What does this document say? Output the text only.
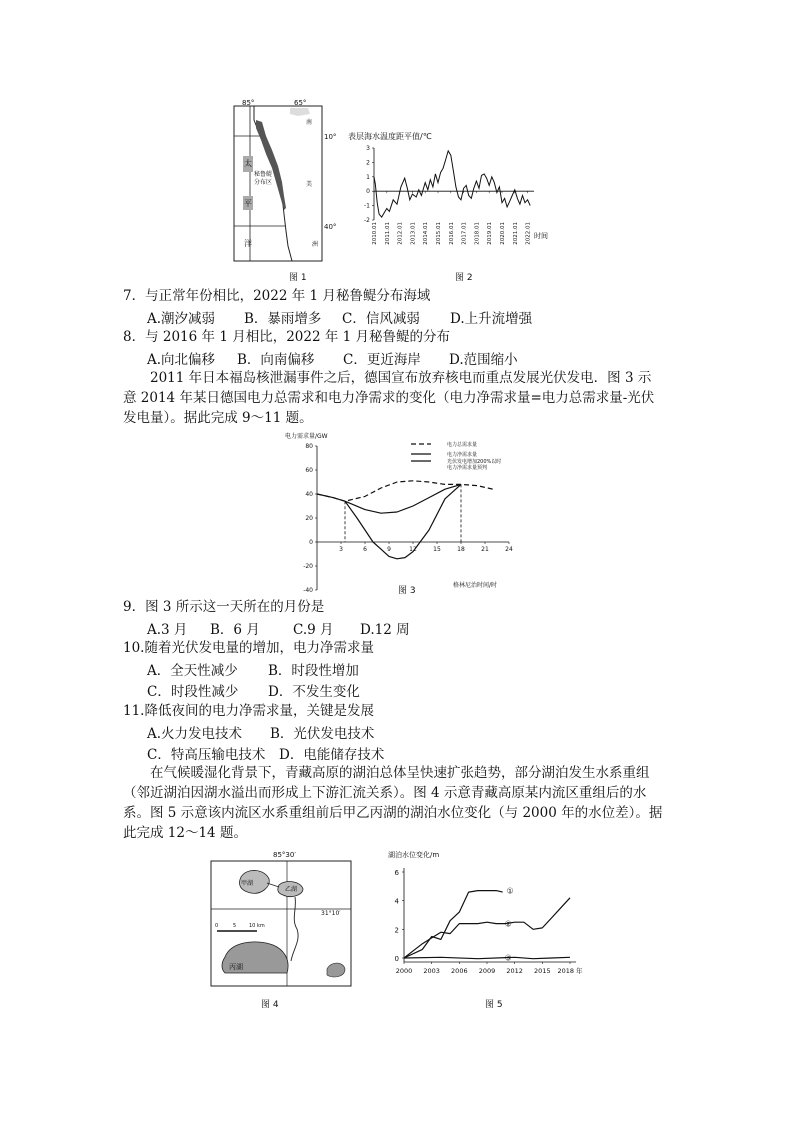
85°	65°
10°
40°
太
平
洋
秘鲁鳀
分布区
南
美
洲
图 1
表层海水温度距平值/℃
时间
-2
-1
0
1
2
3
2010.01 2011.01 2012.01 2013.01 2014.01 2015.01 2016.01 2017.01 2018.01 2019.01 2020.01 2021.01 2022.01
图 2
7．与正常年份相比，2022 年 1 月秘鲁鳀分布海域
A.潮汐减弱 B．暴雨增多 C．信风减弱 D.上升流增强
8．与 2016 年 1 月相比，2022 年 1 月秘鲁鳀的分布
A.向北偏移 B．向南偏移 C．更近海岸 D.范围缩小
2011 年日本福岛核泄漏事件之后，德国宣布放弃核电而重点发展光伏发电．图 3 示意 2014 年某日德国电力总需求和电力净需求的变化（电力净需求量=电力总需求量-光伏发电量）。据此完成 9～11 题。
电力需求量/GW
格林尼治时间/时
电力总需求量
电力净需求量
光伏发电增加200%以时
电力净需求量预判
-40
-20
0
20
40
60
80
3	6	9	12	15	18	21	24
图 3
9．图 3 所示这一天所在的月份是
A.3 月 B．6 月 C.9 月 D.12 周
10.随着光伏发电量的增加，电力净需求量
A．全天性减少 B．时段性增加
C．时段性减少 D．不发生变化
11.降低夜间的电力净需求量，关键是发展
A.火力发电技术 B．光伏发电技术
C．特高压输电技术 D．电能储存技术
在气候暖湿化背景下，青藏高原的湖泊总体呈快速扩张趋势，部分湖泊发生水系重组（邻近湖泊因湖水溢出而形成上下游汇流关系）。图 4 示意青藏高原某内流区重组后的水系。图 5 示意该内流区水系重组前后甲乙丙湖的湖泊水位变化（与 2000 年的水位差）。据此完成 12～14 题。
85°30′
31°10′
甲湖
乙湖
丙湖
0	5	10 km
图 4
湖泊水位变化/m
0
2
4
6
2000 2003 2006 2009 2012 2015 2018 年
①
②
③
图 5
